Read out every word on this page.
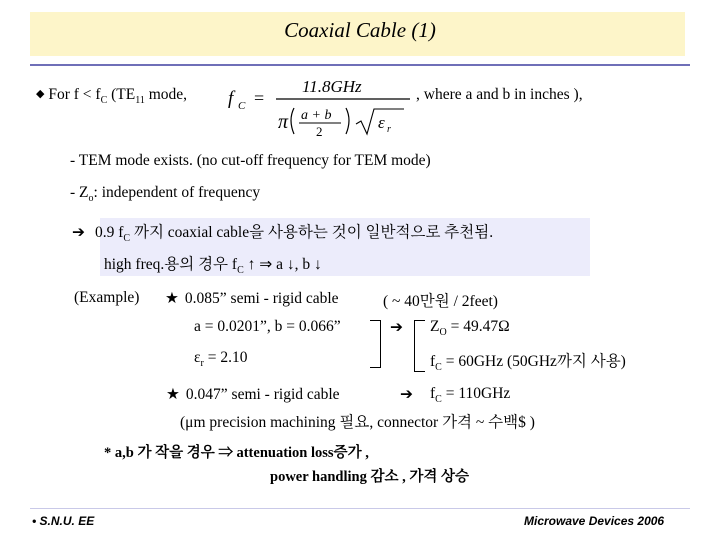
Coaxial Cable (1)
◆ For $f < f_C$ ($TE_{11}$ mode, f C =
11.8GHz
π a + b
2	ε r
, where a and b in inches ),
- TEM mode exists. (no cut-off frequency for TEM mode)
- $Z_o$: independent of frequency
➔ 0.9 $f_C$ 까지 coaxial cable을 사용하는 것이 일반적으로 추천됨.
high freq.용의 경우 $f_C$ ↑ ⇒ a ↓, b ↓
(Example) ★ 0.085” semi - rigid cable	( ~ 40만원 / 2feet)
a = 0.0201”, b = 0.066”
$\varepsilon_r = 2.10$
➔ $Z_O = 49.47\Omega$
$f_C = 60GHz$ (50GHz까지 사용)
★ 0.047” semi - rigid cable	➔ $f_C = 110GHz$
(μm precision machining 필요, connector 가격 ~ 수백$ )
* a,b 가 작을 경우 ⇒ attenuation loss증가 ,
power handling 감소 , 가격 상승
• S.N.U. EE	Microwave Devices 2006
